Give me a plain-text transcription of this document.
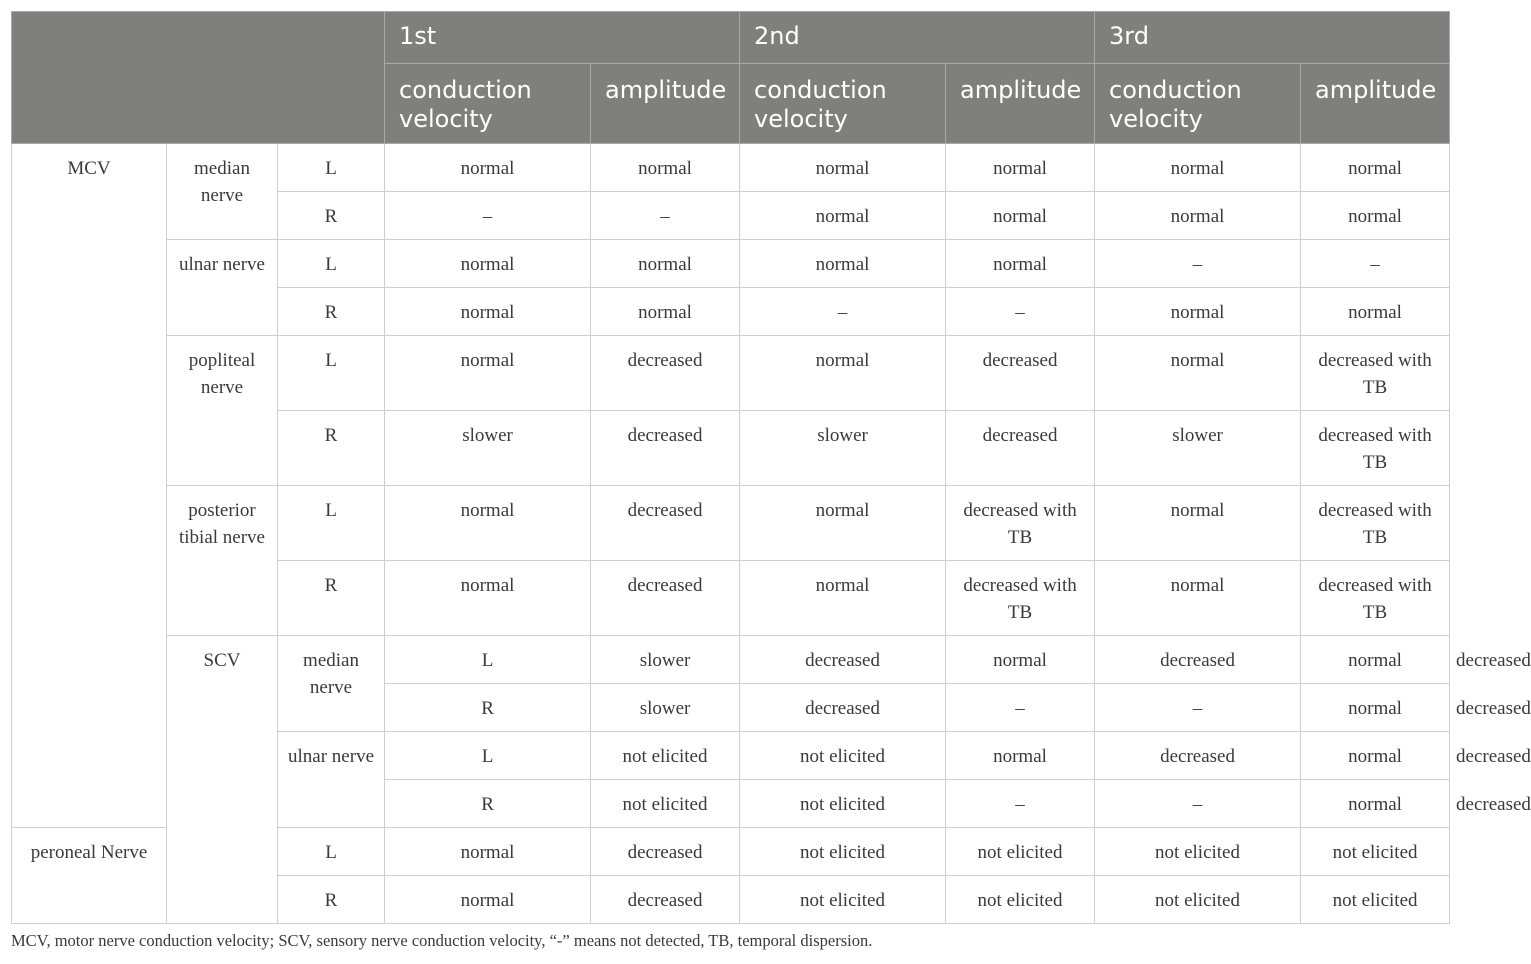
			1st		2nd		3rd		
			conduction velocity	amplitude	conduction velocity	amplitude	conduction velocity	amplitude	
MCV	median nerve	L	normal	normal	normal	normal	normal	normal	
		R	–	–	normal	normal	normal	normal	
	ulnar nerve	L	normal	normal	normal	normal	–	–	
		R	normal	normal	–	–	normal	normal	
	popliteal nerve	L	normal	decreased	normal	decreased	normal	decreased with TB	
		R	slower	decreased	slower	decreased	slower	decreased with TB	
	posterior tibial nerve	L	normal	decreased	normal	decreased with TB	normal	decreased with TB	
		R	normal	decreased	normal	decreased with TB	normal	decreased with TB	
	SCV	median nerve	L	slower	decreased	normal	decreased	normal	decreased
			R	slower	decreased	–	–	normal	decreased
		ulnar nerve	L	not elicited	not elicited	normal	decreased	normal	decreased
			R	not elicited	not elicited	–	–	normal	decreased
peroneal Nerve		L	normal	decreased	not elicited	not elicited	not elicited	not elicited	
		R	normal	decreased	not elicited	not elicited	not elicited	not elicited	
MCV, motor nerve conduction velocity; SCV, sensory nerve conduction velocity, “-” means not detected, TB, temporal dispersion.
